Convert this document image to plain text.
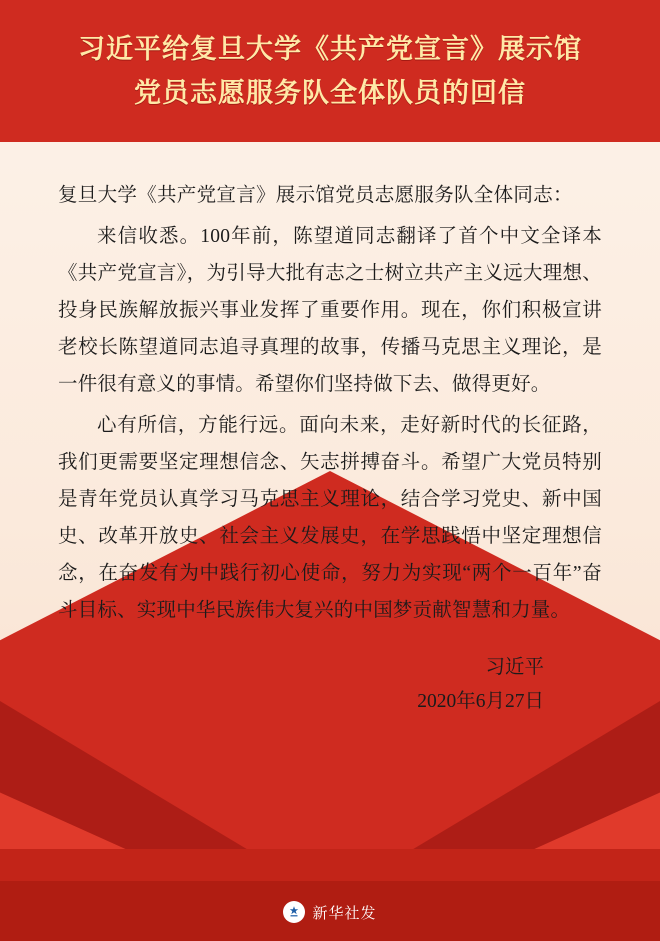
习近平给复旦大学《共产党宣言》展示馆
党员志愿服务队全体队员的回信
复旦大学《共产党宣言》展示馆党员志愿服务队全体同志：
来信收悉。100年前，陈望道同志翻译了首个中文全译本《共产党宣言》，为引导大批有志之士树立共产主义远大理想、投身民族解放振兴事业发挥了重要作用。现在，你们积极宣讲老校长陈望道同志追寻真理的故事，传播马克思主义理论，是一件很有意义的事情。希望你们坚持做下去、做得更好。
心有所信，方能行远。面向未来，走好新时代的长征路，我们更需要坚定理想信念、矢志拼搏奋斗。希望广大党员特别是青年党员认真学习马克思主义理论，结合学习党史、新中国史、改革开放史、社会主义发展史，在学思践悟中坚定理想信念，在奋发有为中践行初心使命，努力为实现“两个一百年”奋斗目标、实现中华民族伟大复兴的中国梦贡献智慧和力量。
习近平
2020年6月27日
新华社发
